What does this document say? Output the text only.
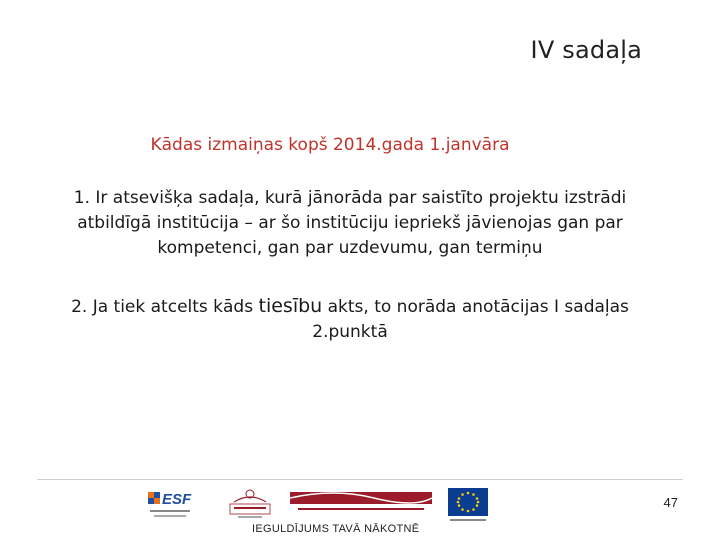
IV sadaļa
Kādas izmaiņas kopš 2014.gada 1.janvāra
1. Ir atsevišķa sadaļa, kurā jānorāda par saistīto projektu izstrādi atbildīgā institūcija – ar šo institūciju iepriekš jāvienojas gan par kompetenci, gan par uzdevumu, gan termiņu
2. Ja tiek atcelts kāds tiesību akts, to norāda anotācijas I sadaļas 2.punktā
47
ESF
IEGULDĪJUMS TAVĀ NĀKOTNĒ
